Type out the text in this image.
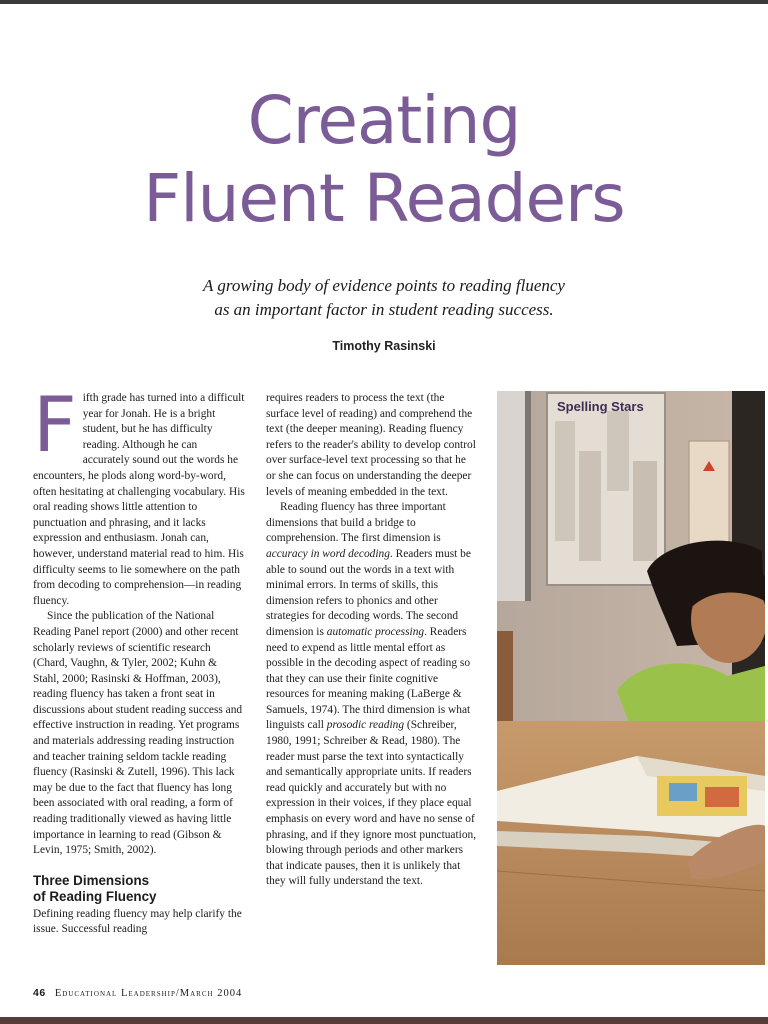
Creating
Fluent Readers

A growing body of evidence points to reading fluency
as an important factor in student reading success.

Timothy Rasinski
F ifth grade has turned into a difficult year for Jonah. He is a bright student, but he has difficulty reading. Although he can accurately sound out the words he encounters, he plods along word-by-word, often hesitating at challenging vocabulary. His oral reading shows little attention to punctuation and phrasing, and it lacks expression and enthusiasm. Jonah can, however, understand material read to him. His difficulty seems to lie somewhere on the path from decoding to comprehension—in reading fluency.

Since the publication of the National Reading Panel report (2000) and other recent scholarly reviews of scientific research (Chard, Vaughn, & Tyler, 2002; Kuhn & Stahl, 2000; Rasinski & Hoffman, 2003), reading fluency has taken a front seat in discussions about student reading success and effective instruction in reading. Yet programs and materials addressing reading instruction and teacher training seldom tackle reading fluency (Rasinski & Zutell, 1996). This lack may be due to the fact that fluency has long been associated with oral reading, a form of reading traditionally viewed as having little importance in learning to read (Gibson & Levin, 1975; Smith, 2002).

Three Dimensions
of Reading Fluency

Defining reading fluency may help clarify the issue. Successful reading

requires readers to process the text (the surface level of reading) and comprehend the text (the deeper meaning). Reading fluency refers to the reader's ability to develop control over surface-level text processing so that he or she can focus on understanding the deeper levels of meaning embedded in the text.

Reading fluency has three important dimensions that build a bridge to comprehension. The first dimension is accuracy in word decoding. Readers must be able to sound out the words in a text with minimal errors. In terms of skills, this dimension refers to phonics and other strategies for decoding words. The second dimension is automatic processing. Readers need to expend as little mental effort as possible in the decoding aspect of reading so that they can use their finite cognitive resources for meaning making (LaBerge & Samuels, 1974). The third dimension is what linguists call prosodic reading (Schreiber, 1980, 1991; Schreiber & Read, 1980). The reader must parse the text into syntactically and semantically appropriate units. If readers read quickly and accurately but with no expression in their voices, if they place equal emphasis on every word and have no sense of phrasing, and if they ignore most punctuation, blowing through periods and other markers that indicate pauses, then it is unlikely that they will fully understand the text.

Spelling Stars
46 Educational Leadership/March 2004
